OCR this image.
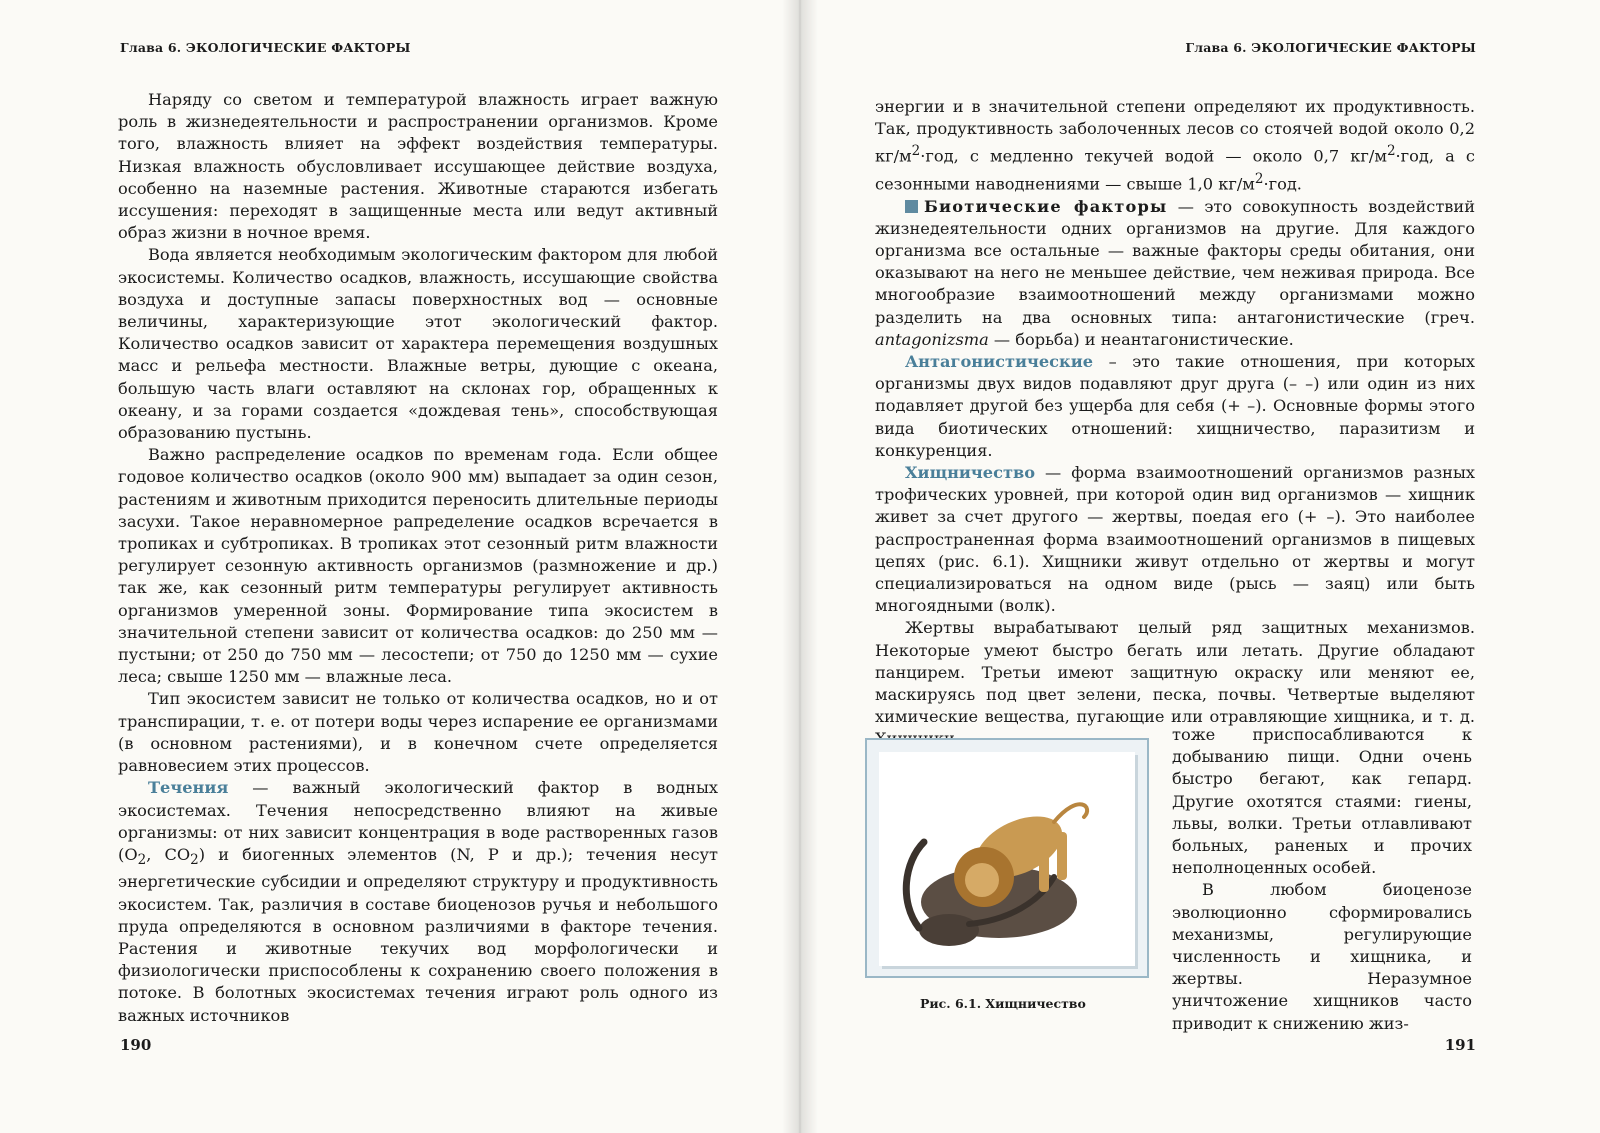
Глава 6. ЭКОЛОГИЧЕСКИЕ ФАКТОРЫ

Наряду со светом и температурой влажность играет важную роль в жизнедеятельности и распространении организмов. Кроме того, влажность влияет на эффект воздействия температуры. Низкая влажность обусловливает иссушающее действие воздуха, особенно на наземные растения. Животные стараются избегать иссушения: переходят в защищенные места или ведут активный образ жизни в ночное время.

Вода является необходимым экологическим фактором для любой экосистемы. Количество осадков, влажность, иссушающие свойства воздуха и доступные запасы поверхностных вод — основные величины, характеризующие этот экологический фактор. Количество осадков зависит от характера перемещения воздушных масс и рельефа местности. Влажные ветры, дующие с океана, большую часть влаги оставляют на склонах гор, обращенных к океану, и за горами создается «дождевая тень», способствующая образованию пустынь.

Важно распределение осадков по временам года. Если общее годовое количество осадков (около 900 мм) выпадает за один сезон, растениям и животным приходится переносить длительные периоды засухи. Такое неравномерное рапределение осадков всречается в тропиках и субтропиках. В тропиках этот сезонный ритм влажности регулирует сезонную активность организмов (размножение и др.) так же, как сезонный ритм температуры регулирует активность организмов умеренной зоны. Формирование типа экосистем в значительной степени зависит от количества осадков: до 250 мм — пустыни; от 250 до 750 мм — лесостепи; от 750 до 1250 мм — сухие леса; свыше 1250 мм — влажные леса.

Тип экосистем зависит не только от количества осадков, но и от транспирации, т. е. от потери воды через испарение ее организмами (в основном растениями), и в конечном счете определяется равновесием этих процессов.

Течения — важный экологический фактор в водных экосистемах. Течения непосредственно влияют на живые организмы: от них зависит концентрация в воде растворенных газов ($O_2$, $CO_2$) и биогенных элементов (N, P и др.); течения несут энергетические субсидии и определяют структуру и продуктивность экосистем. Так, различия в составе биоценозов ручья и небольшого пруда определяются в основном различиями в факторе течения. Растения и животные текучих вод морфологически и физиологически приспособлены к сохранению своего положения в потоке. В болотных экосистемах течения играют роль одного из важных источников

190
Глава 6. ЭКОЛОГИЧЕСКИЕ ФАКТОРЫ

энергии и в значительной степени определяют их продуктивность. Так, продуктивность заболоченных лесов со стоячей водой около 0,2 $кг/м^2\cdot год$, с медленно текучей водой — около 0,7 $кг/м^2\cdot год$, а с сезонными наводнениями — свыше 1,0 $кг/м^2\cdot год$.

Биотические факторы — это совокупность воздействий жизнедеятельности одних организмов на другие. Для каждого организма все остальные — важные факторы среды обитания, они оказывают на него не меньшее действие, чем неживая природа. Все многообразие взаимоотношений между организмами можно разделить на два основных типа: антагонистические (греч. antagonizsma — борьба) и неантагонистические.

Антагонистические – это такие отношения, при которых организмы двух видов подавляют друг друга (– –) или один из них подавляет другой без ущерба для себя (+ –). Основные формы этого вида биотических отношений: хищничество, паразитизм и конкуренция.

Хищничество — форма взаимоотношений организмов разных трофических уровней, при которой один вид организмов — хищник живет за счет другого — жертвы, поедая его (+ –). Это наиболее распространенная форма взаимоотношений организмов в пищевых цепях (рис. 6.1). Хищники живут отдельно от жертвы и могут специализироваться на одном виде (рысь — заяц) или быть многоядными (волк).

Жертвы вырабатывают целый ряд защитных механизмов. Некоторые умеют быстро бегать или летать. Другие обладают панцирем. Третьи имеют защитную окраску или меняют ее, маскируясь под цвет зелени, песка, почвы. Четвертые выделяют химические вещества, пугающие или отравляющие хищника, и т. д.

191
Рис. 6.1. Хищничество

тоже приспосабливаются к добыванию пищи. Одни очень быстро бегают, как гепард. Другие охотятся стаями: гиены, львы, волки. Третьи отлавливают больных, раненых и прочих неполноценных особей.

В любом биоценозе эволюционно сформировались механизмы, регулирующие численность и хищника, и жертвы. Неразумное уничтожение хищников часто приводит к снижению жиз-
